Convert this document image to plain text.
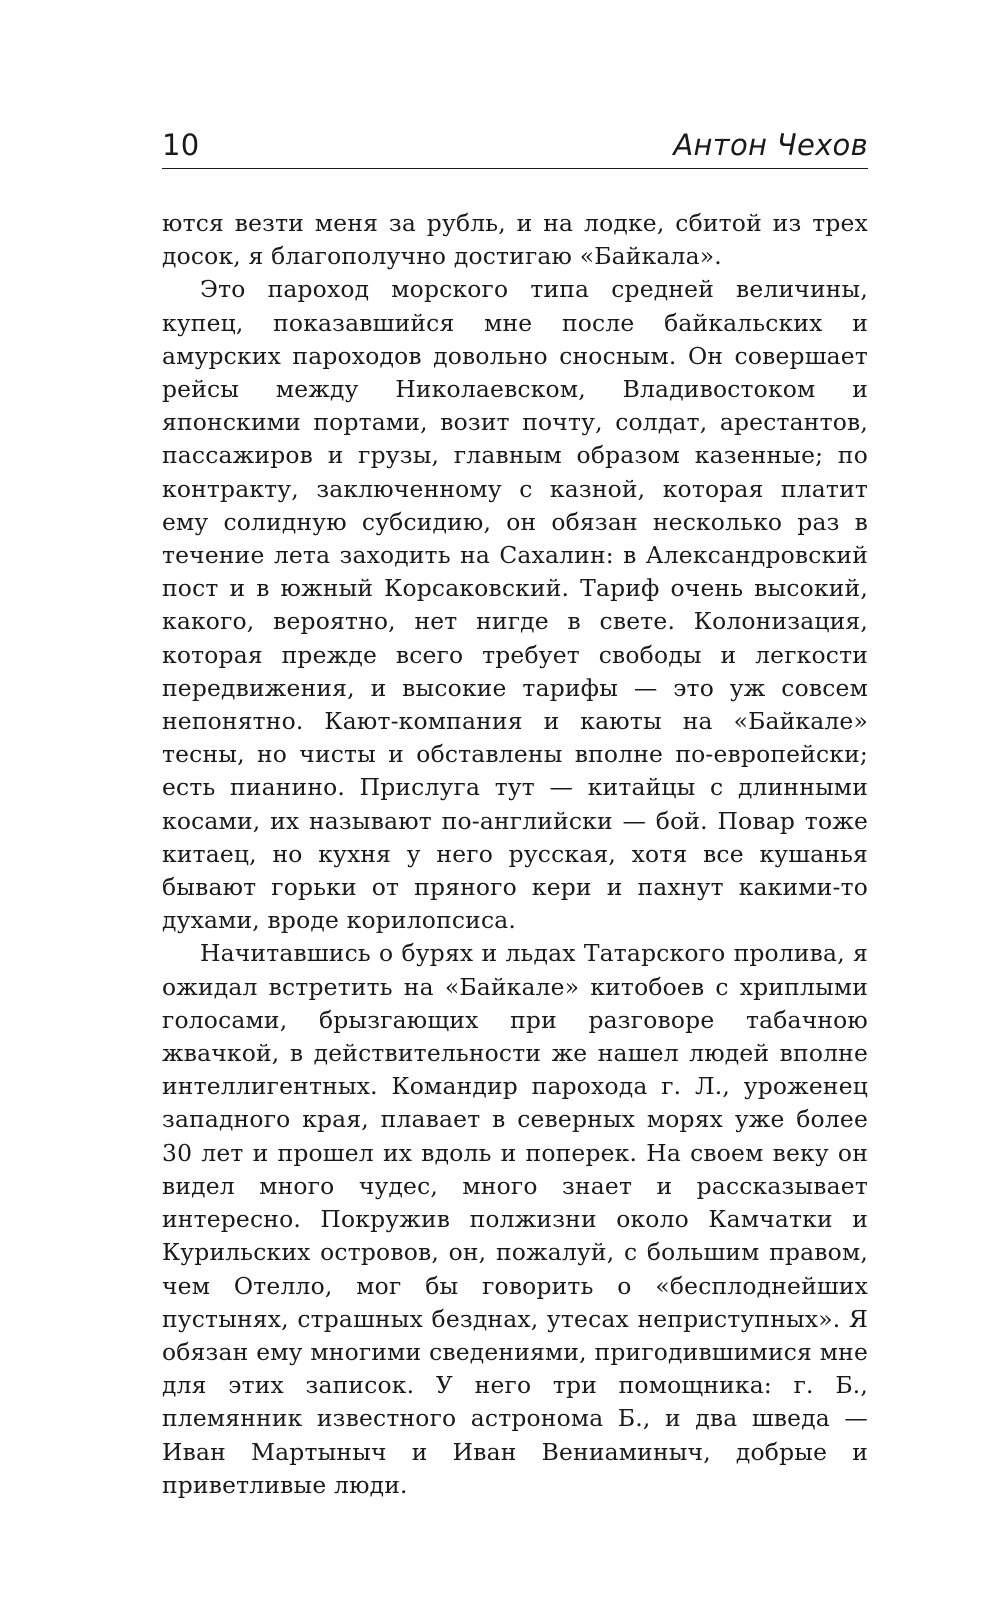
10	Антон Чехов

ются везти меня за рубль, и на лодке, сбитой из трех досок, я благополучно достигаю «Байкала».

Это пароход морского типа средней величины, купец, показавшийся мне после байкальских и амурских пароходов довольно сносным. Он совершает рейсы между Николаевском, Владивостоком и японскими портами, возит почту, солдат, арестантов, пассажиров и грузы, главным образом казенные; по контракту, заключенному с казной, которая платит ему солидную субсидию, он обязан несколько раз в течение лета заходить на Сахалин: в Александровский пост и в южный Корсаковский. Тариф очень высокий, какого, вероятно, нет нигде в свете. Колонизация, которая прежде всего требует свободы и легкости передвижения, и высокие тарифы — это уж совсем непонятно. Кают-компания и каюты на «Байкале» тесны, но чисты и обставлены вполне по-европейски; есть пианино. Прислуга тут — китайцы с длинными косами, их называют по-английски — бой. Повар тоже китаец, но кухня у него русская, хотя все кушанья бывают горьки от пряного кери и пахнут какими-то духами, вроде корилопсиса.

Начитавшись о бурях и льдах Татарского пролива, я ожидал встретить на «Байкале» китобоев с хриплыми голосами, брызгающих при разговоре табачною жвачкой, в действительности же нашел людей вполне интеллигентных. Командир парохода г. Л., уроженец западного края, плавает в северных морях уже более 30 лет и прошел их вдоль и поперек. На своем веку он видел много чудес, много знает и рассказывает интересно. Покружив полжизни около Камчатки и Курильских островов, он, пожалуй, с большим правом, чем Отелло, мог бы говорить о «бесплоднейших пустынях, страшных безднах, утесах неприступных». Я обязан ему многими сведениями, пригодившимися мне для этих записок. У него три помощника: г. Б., племянник известного астронома Б., и два шведа — Иван Мартыныч и Иван Вениаминыч, добрые и приветливые люди.
